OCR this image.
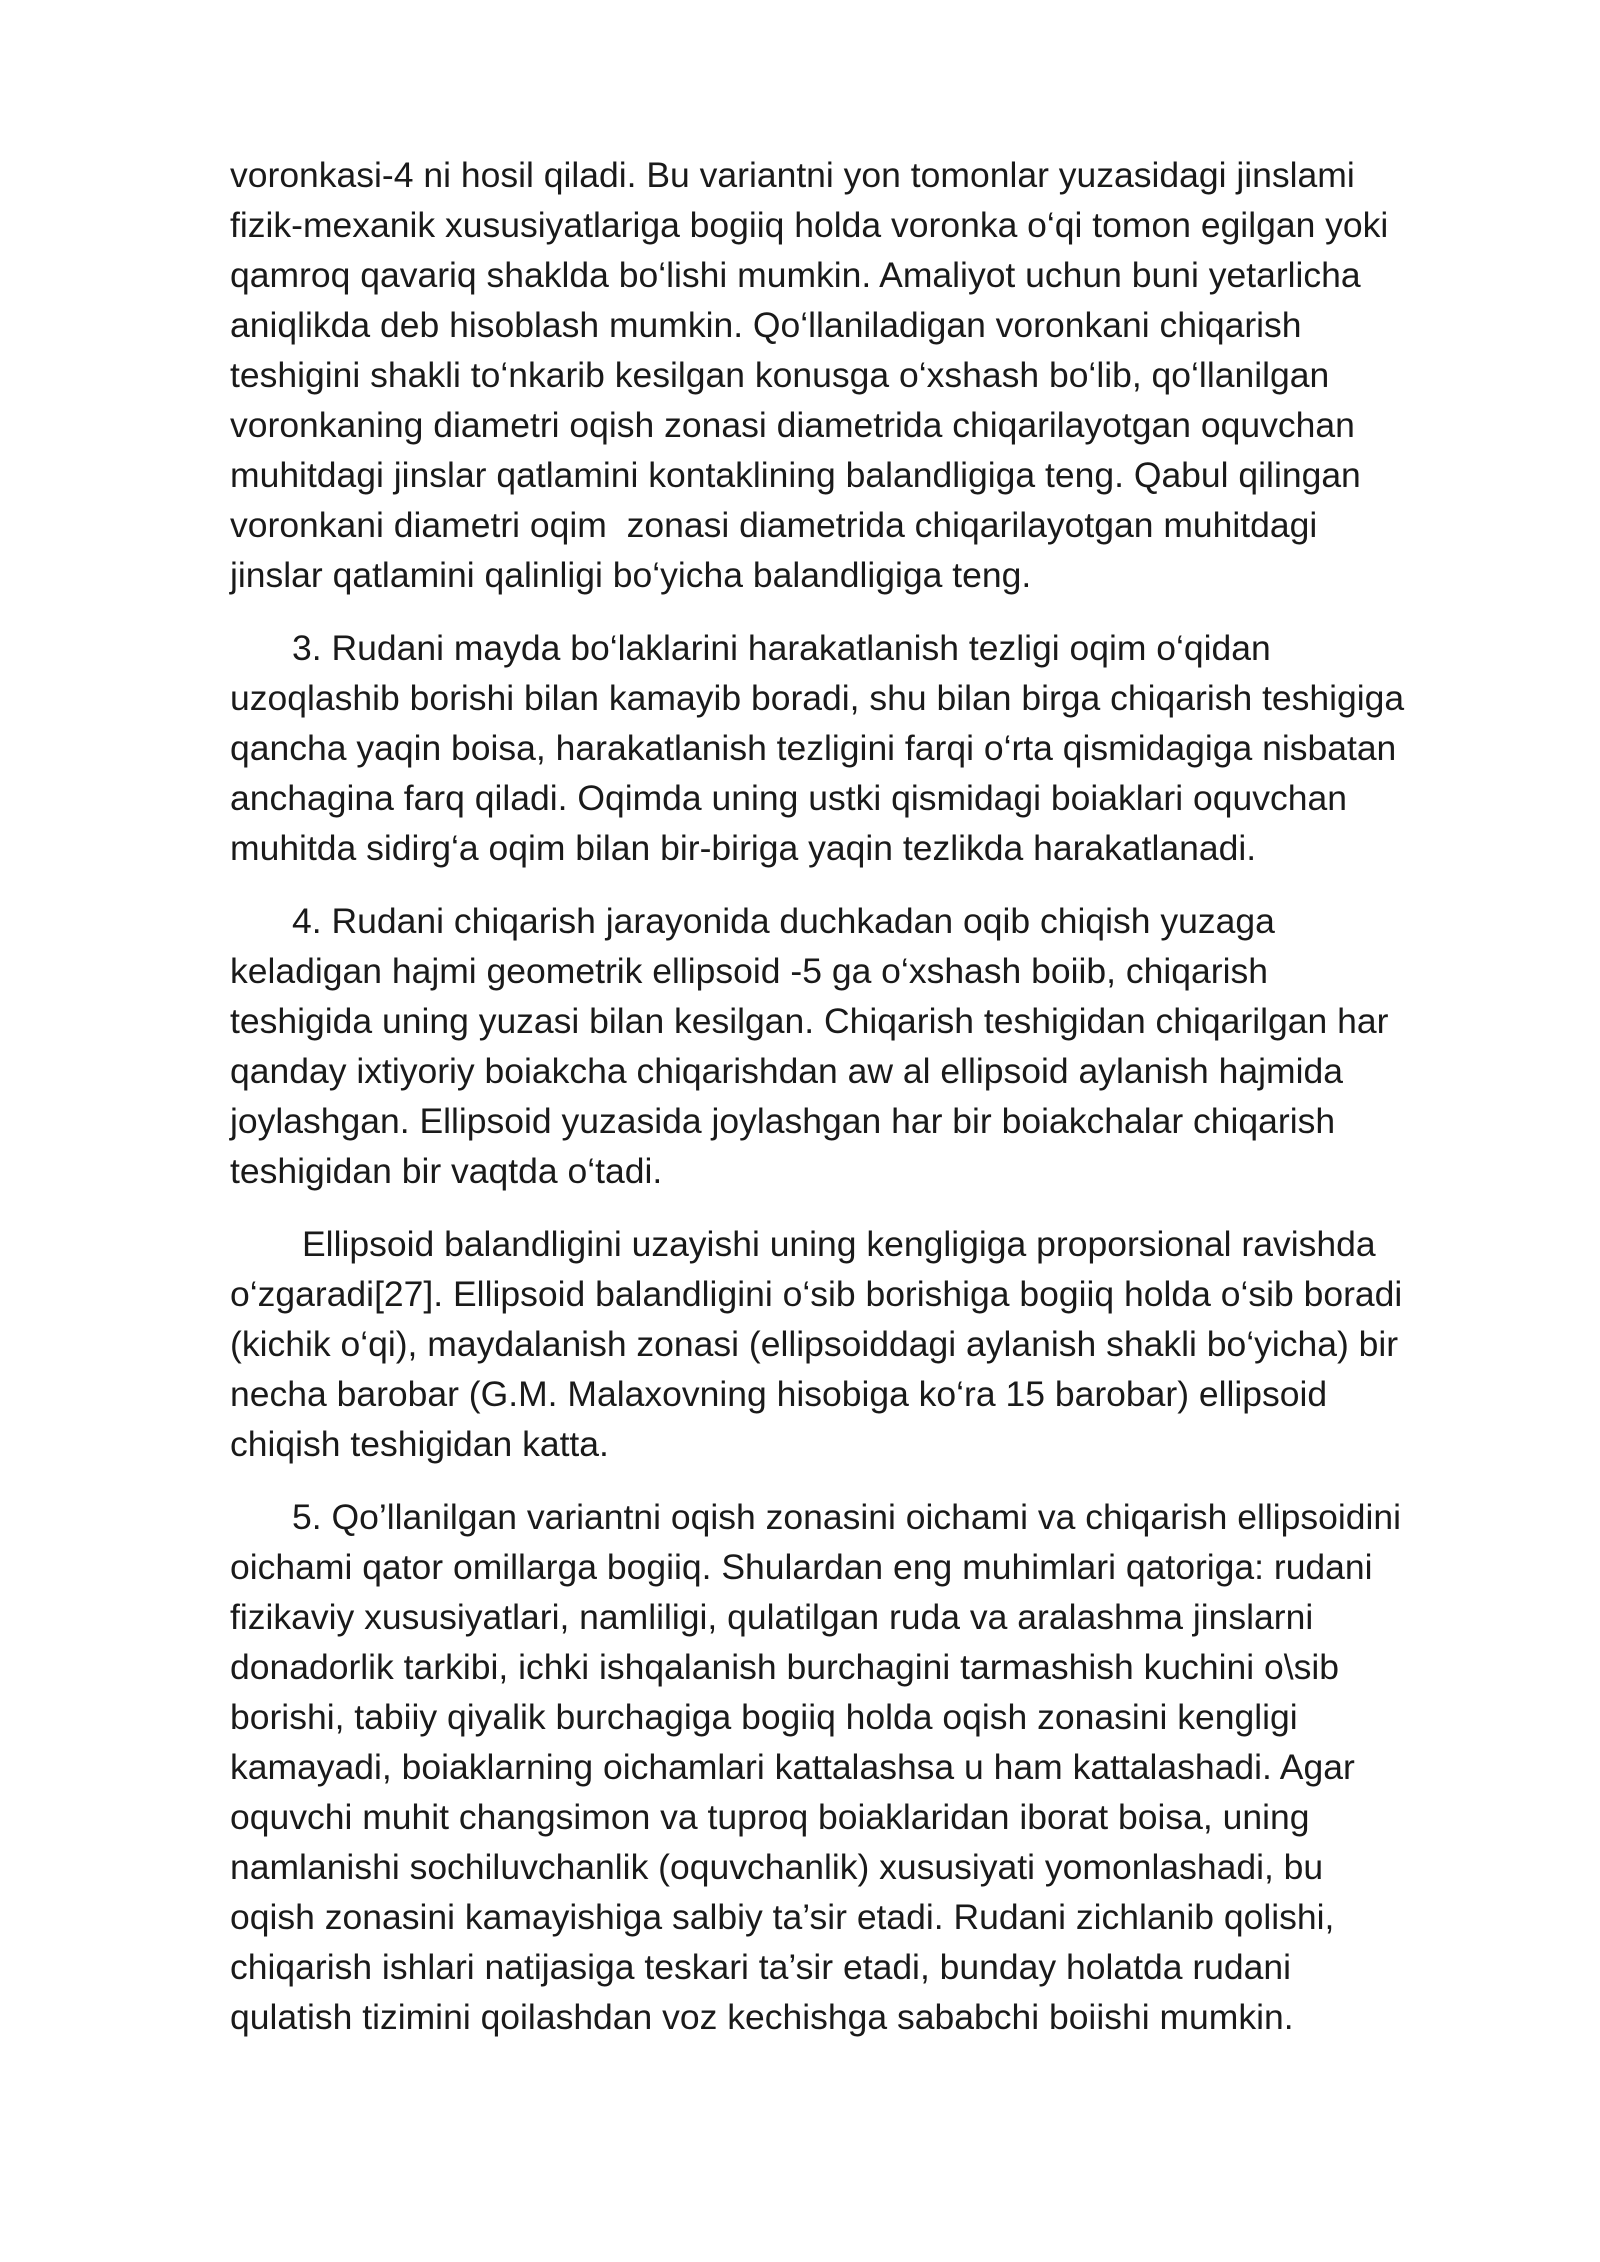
voronkasi-4 ni hosil qiladi. Bu variantni yon tomonlar yuzasidagi jinslami
fizik-mexanik xususiyatlariga bogiiq holda voronka o‘qi tomon egilgan yoki
qamroq qavariq shaklda bo‘lishi mumkin. Amaliyot uchun buni yetarlicha
aniqlikda deb hisoblash mumkin. Qo‘llaniladigan voronkani chiqarish
teshigini shakli to‘nkarib kesilgan konusga o‘xshash bo‘lib, qo‘llanilgan
voronkaning diametri oqish zonasi diametrida chiqarilayotgan oquvchan
muhitdagi jinslar qatlamini kontaklining balandligiga teng. Qabul qilingan
voronkani diametri oqim  zonasi diametrida chiqarilayotgan muhitdagi
jinslar qatlamini qalinligi bo‘yicha balandligiga teng.
3. Rudani mayda bo‘laklarini harakatlanish tezligi oqim o‘qidan
uzoqlashib borishi bilan kamayib boradi, shu bilan birga chiqarish teshigiga
qancha yaqin boisa, harakatlanish tezligini farqi o‘rta qismidagiga nisbatan
anchagina farq qiladi. Oqimda uning ustki qismidagi boiaklari oquvchan
muhitda sidirg‘a oqim bilan bir-biriga yaqin tezlikda harakatlanadi.
4. Rudani chiqarish jarayonida duchkadan oqib chiqish yuzaga
keladigan hajmi geometrik ellipsoid -5 ga o‘xshash boiib, chiqarish
teshigida uning yuzasi bilan kesilgan. Chiqarish teshigidan chiqarilgan har
qanday ixtiyoriy boiakcha chiqarishdan aw al ellipsoid aylanish hajmida
joylashgan. Ellipsoid yuzasida joylashgan har bir boiakchalar chiqarish
teshigidan bir vaqtda o‘tadi.
Ellipsoid balandligini uzayishi uning kengligiga proporsional ravishda
o‘zgaradi[27]. Ellipsoid balandligini o‘sib borishiga bogiiq holda o‘sib boradi
(kichik o‘qi), maydalanish zonasi (ellipsoiddagi aylanish shakli bo‘yicha) bir
necha barobar (G.M. Malaxovning hisobiga ko‘ra 15 barobar) ellipsoid
chiqish teshigidan katta.
5. Qo’llanilgan variantni oqish zonasini oichami va chiqarish ellipsoidini
oichami qator omillarga bogiiq. Shulardan eng muhimlari qatoriga: rudani
fizikaviy xususiyatlari, namliligi, qulatilgan ruda va aralashma jinslarni
donadorlik tarkibi, ichki ishqalanish burchagini tarmashish kuchini o\sib
borishi, tabiiy qiyalik burchagiga bogiiq holda oqish zonasini kengligi
kamayadi, boiaklarning oichamlari kattalashsa u ham kattalashadi. Agar
oquvchi muhit changsimon va tuproq boiaklaridan iborat boisa, uning
namlanishi sochiluvchanlik (oquvchanlik) xususiyati yomonlashadi, bu
oqish zonasini kamayishiga salbiy ta’sir etadi. Rudani zichlanib qolishi,
chiqarish ishlari natijasiga teskari ta’sir etadi, bunday holatda rudani
qulatish tizimini qoilashdan voz kechishga sababchi boiishi mumkin.
